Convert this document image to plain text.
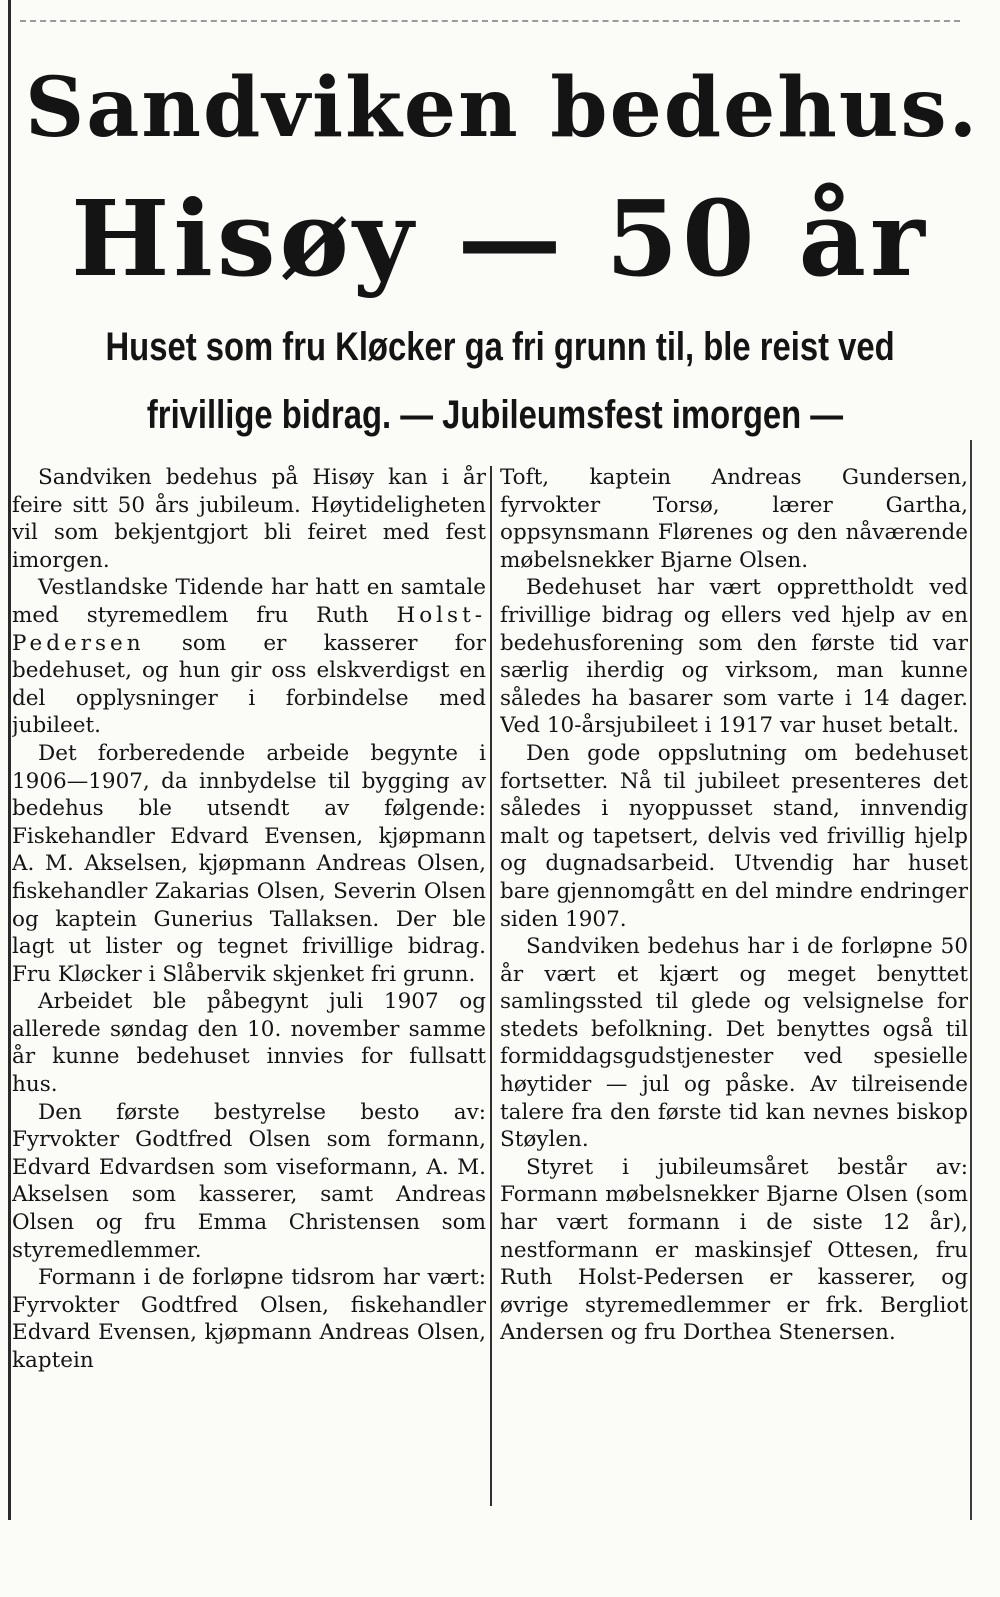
Sandviken bedehus.
Hisøy — 50 år
Huset som fru Kløcker ga fri grunn til, ble reist ved
frivillige bidrag. — Jubileumsfest imorgen —

Sandviken bedehus på Hisøy kan i år feire sitt 50 års jubileum. Høytideligheten vil som bekjentgjort bli feiret med fest imorgen.

Vestlandske Tidende har hatt en samtale med styremedlem fru Ruth Holst-Pedersen som er kasserer for bedehuset, og hun gir oss elskverdigst en del opplysninger i forbindelse med jubileet.

Det forberedende arbeide begynte i 1906—1907, da innbydelse til bygging av bedehus ble utsendt av følgende: Fiskehandler Edvard Evensen, kjøpmann A. M. Akselsen, kjøpmann Andreas Olsen, fiskehandler Zakarias Olsen, Severin Olsen og kaptein Gunerius Tallaksen. Der ble lagt ut lister og tegnet frivillige bidrag. Fru Kløcker i Slåbervik skjenket fri grunn.

Arbeidet ble påbegynt juli 1907 og allerede søndag den 10. november samme år kunne bedehuset innvies for fullsatt hus.

Den første bestyrelse besto av: Fyrvokter Godtfred Olsen som formann, Edvard Edvardsen som viseformann, A. M. Akselsen som kasserer, samt Andreas Olsen og fru Emma Christensen som styremedlemmer.

Formann i de forløpne tidsrom har vært: Fyrvokter Godtfred Olsen, fiskehandler Edvard Evensen, kjøpmann Andreas Olsen, kaptein

Toft, kaptein Andreas Gundersen, fyrvokter Torsø, lærer Gartha, oppsynsmann Flørenes og den nåværende møbelsnekker Bjarne Olsen.

Bedehuset har vært opprettholdt ved frivillige bidrag og ellers ved hjelp av en bedehusforening som den første tid var særlig iherdig og virksom, man kunne således ha basarer som varte i 14 dager. Ved 10-årsjubileet i 1917 var huset betalt.

Den gode oppslutning om bedehuset fortsetter. Nå til jubileet presenteres det således i nyoppusset stand, innvendig malt og tapetsert, delvis ved frivillig hjelp og dugnadsarbeid. Utvendig har huset bare gjennomgått en del mindre endringer siden 1907.

Sandviken bedehus har i de forløpne 50 år vært et kjært og meget benyttet samlingssted til glede og velsignelse for stedets befolkning. Det benyttes også til formiddagsgudstjenester ved spesielle høytider — jul og påske. Av tilreisende talere fra den første tid kan nevnes biskop Støylen.

Styret i jubileumsåret består av: Formann møbelsnekker Bjarne Olsen (som har vært formann i de siste 12 år), nestformann er maskinsjef Ottesen, fru Ruth Holst-Pedersen er kasserer, og øvrige styremedlemmer er frk. Bergliot Andersen og fru Dorthea Stenersen.
